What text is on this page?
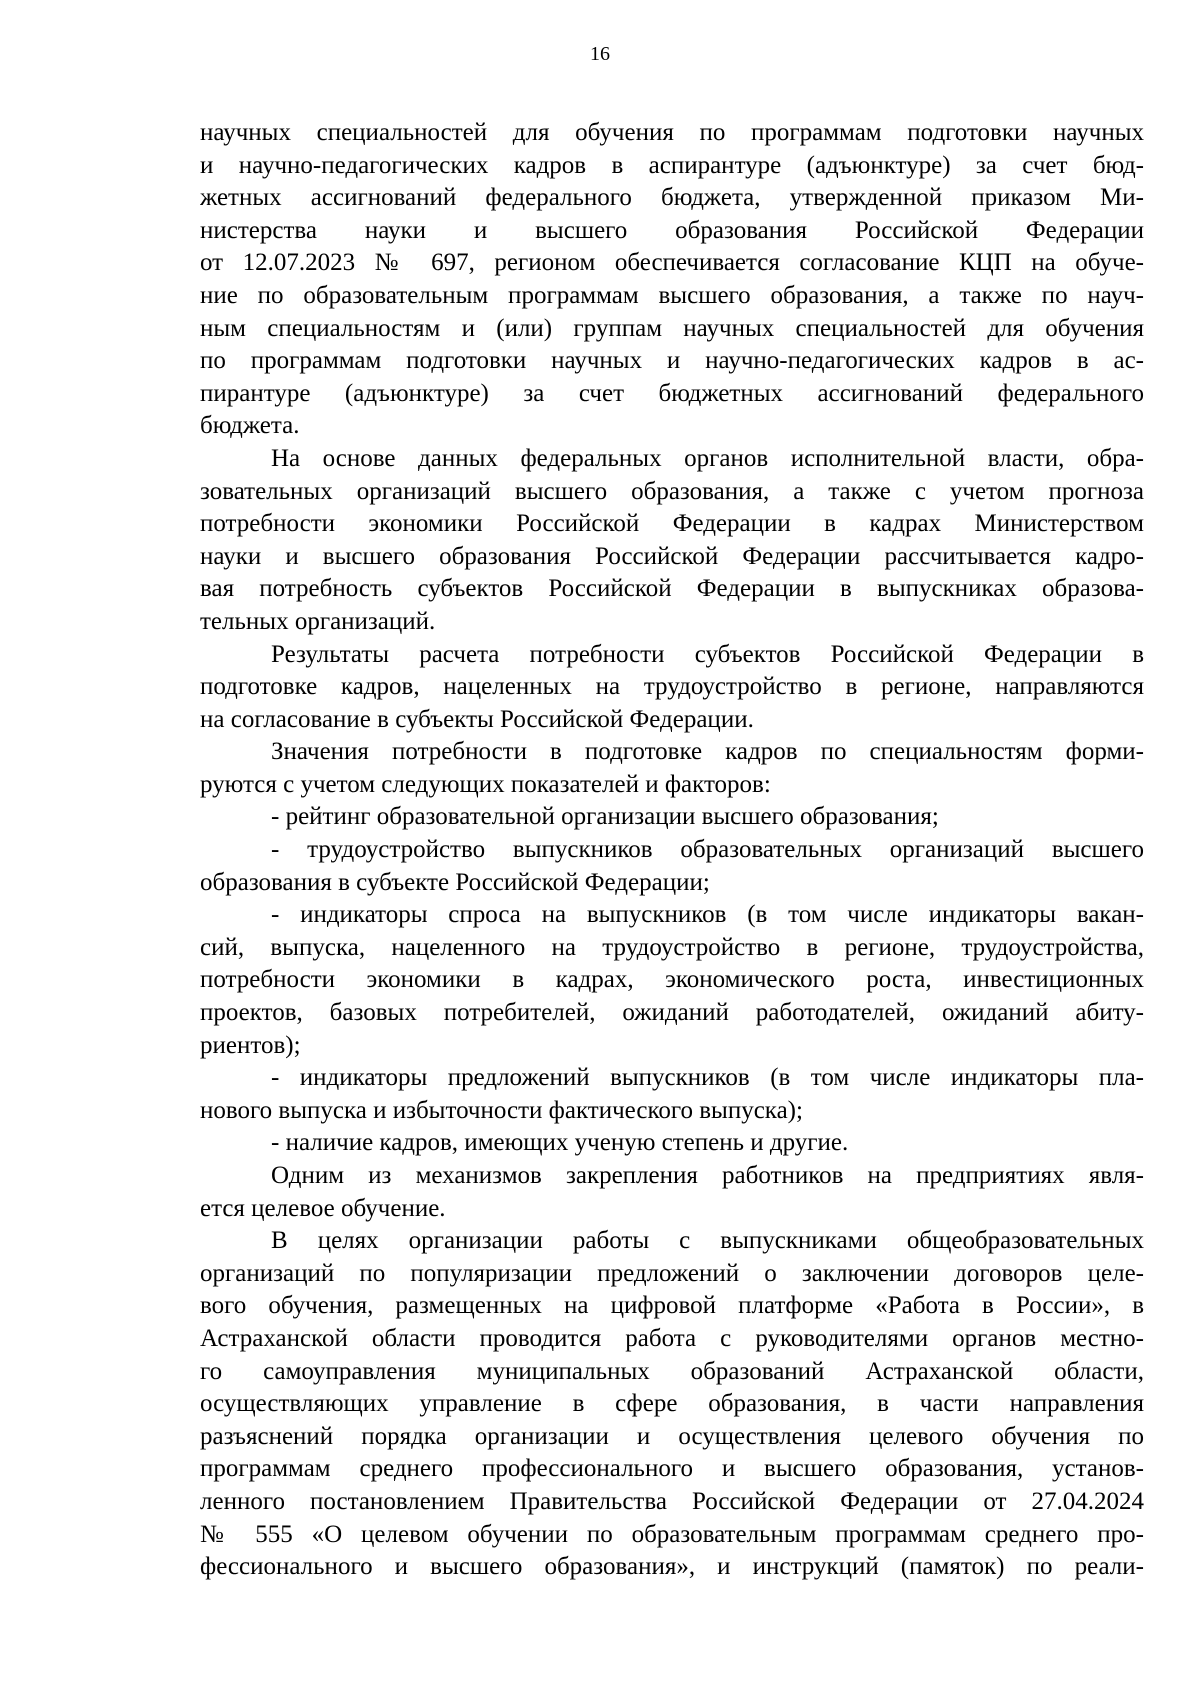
16
научных специальностей для обучения по программам подготовки научных
и научно-педагогических кадров в аспирантуре (адъюнктуре) за счет бюд-
жетных ассигнований федерального бюджета, утвержденной приказом Ми-
нистерства науки и высшего образования Российской Федерации
от 12.07.2023 № 697, регионом обеспечивается согласование КЦП на обуче-
ние по образовательным программам высшего образования, а также по науч-
ным специальностям и (или) группам научных специальностей для обучения
по программам подготовки научных и научно-педагогических кадров в ас-
пирантуре (адъюнктуре) за счет бюджетных ассигнований федерального
бюджета.
На основе данных федеральных органов исполнительной власти, обра-
зовательных организаций высшего образования, а также с учетом прогноза
потребности экономики Российской Федерации в кадрах Министерством
науки и высшего образования Российской Федерации рассчитывается кадро-
вая потребность субъектов Российской Федерации в выпускниках образова-
тельных организаций.
Результаты расчета потребности субъектов Российской Федерации в
подготовке кадров, нацеленных на трудоустройство в регионе, направляются
на согласование в субъекты Российской Федерации.
Значения потребности в подготовке кадров по специальностям форми-
руются с учетом следующих показателей и факторов:
- рейтинг образовательной организации высшего образования;
- трудоустройство выпускников образовательных организаций высшего
образования в субъекте Российской Федерации;
- индикаторы спроса на выпускников (в том числе индикаторы вакан-
сий, выпуска, нацеленного на трудоустройство в регионе, трудоустройства,
потребности экономики в кадрах, экономического роста, инвестиционных
проектов, базовых потребителей, ожиданий работодателей, ожиданий абиту-
риентов);
- индикаторы предложений выпускников (в том числе индикаторы пла-
нового выпуска и избыточности фактического выпуска);
- наличие кадров, имеющих ученую степень и другие.
Одним из механизмов закрепления работников на предприятиях явля-
ется целевое обучение.
В целях организации работы с выпускниками общеобразовательных
организаций по популяризации предложений о заключении договоров целе-
вого обучения, размещенных на цифровой платформе «Работа в России», в
Астраханской области проводится работа с руководителями органов местно-
го самоуправления муниципальных образований Астраханской области,
осуществляющих управление в сфере образования, в части направления
разъяснений порядка организации и осуществления целевого обучения по
программам среднего профессионального и высшего образования, установ-
ленного постановлением Правительства Российской Федерации от 27.04.2024
№ 555 «О целевом обучении по образовательным программам среднего про-
фессионального и высшего образования», и инструкций (памяток) по реали-
